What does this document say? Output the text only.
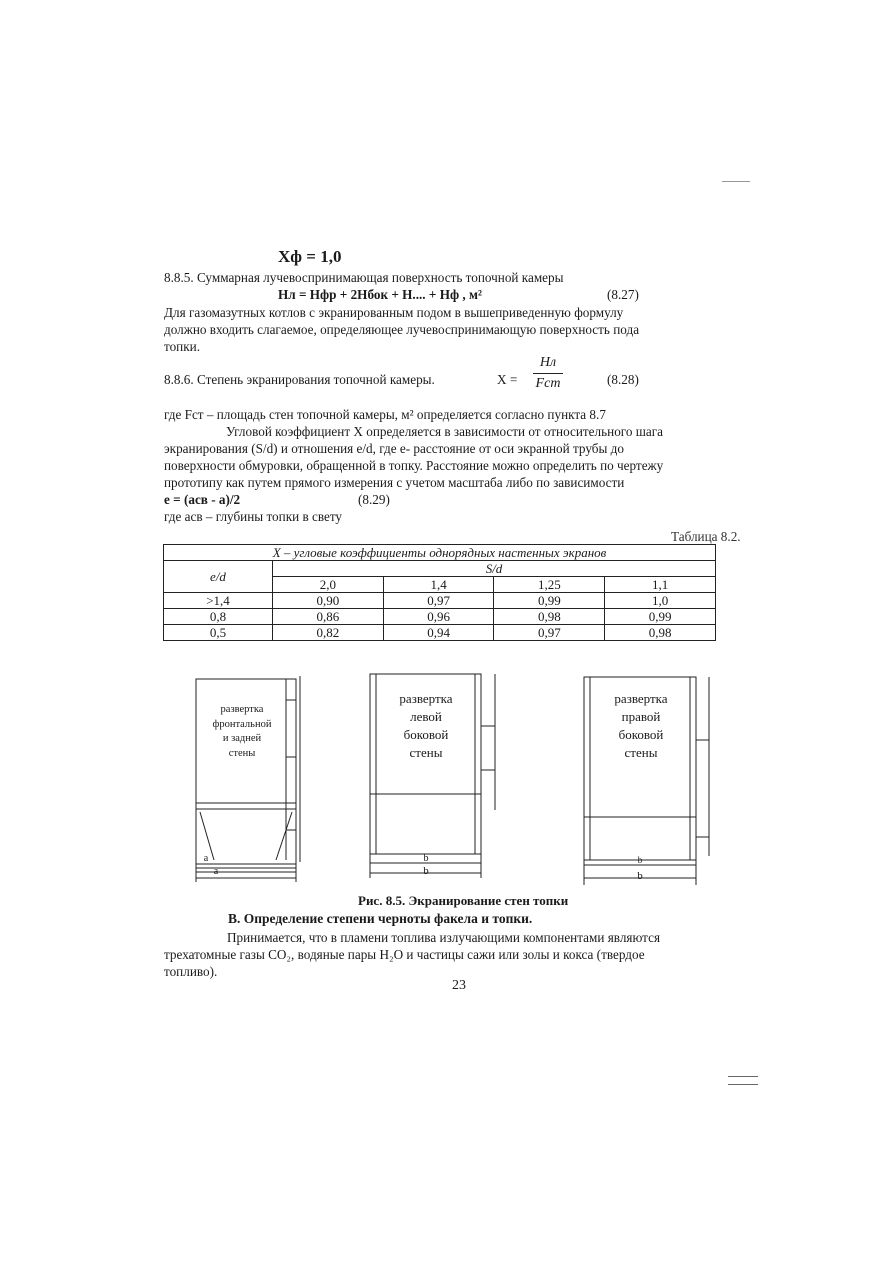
Xф = 1,0
8.8.5. Суммарная лучевоспринимающая поверхность топочной камеры
Hл = Hфр + 2Hбок + H.... + Hф , м²	(8.27)
Для газомазутных котлов с экранированным подом в вышеприведенную формулу
должно входить слагаемое, определяющее лучевоспринимающую поверхность пода
топки.
8.8.6. Степень экранирования топочной камеры.	X =
Hл
Fст	(8.28)
где Fст – площадь стен топочной камеры, м² определяется согласно пункта 8.7
Угловой коэффициент X определяется в зависимости от относительного шага
экранирования (S/d) и отношения e/d, где e- расстояние от оси экранной трубы до
поверхности обмуровки, обращенной в топку. Расстояние можно определить по чертежу
прототипу как путем прямого измерения с учетом масштаба либо по зависимости
e = (aсв - a)/2	(8.29)
где aсв – глубины топки в свету
Таблица 8.2.
X – угловые коэффициенты однорядных настенных экранов				
e/d	S/d			
	2,0	1,4	1,25	1,1
>1,4	0,90	0,97	0,99	1,0
0,8	0,86	0,96	0,98	0,99
0,5	0,82	0,94	0,97	0,98
развертка
фронтальной
и задней
стены
a
a
развертка
левой
боковой
стены
b
b
развертка
правой
боковой
стены
b
b
Рис. 8.5. Экранирование стен топки
В. Определение степени черноты факела и топки.
Принимается, что в пламени топлива излучающими компонентами являются
трехатомные газы CO₂, водяные пары H₂O и частицы сажи или золы и кокса (твердое
топливо).
23
